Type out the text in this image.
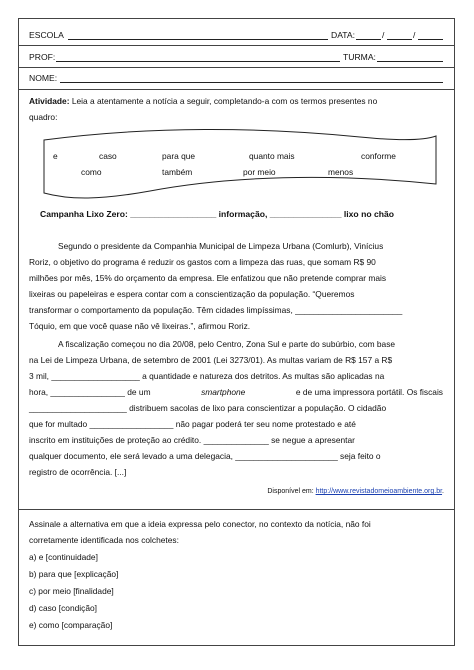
ESCOLA	DATA:	/	/
PROF:	TURMA:
NOME:
Atividade: Leia a atentamente a notícia a seguir, completando-a com os termos presentes no
quadro:
e	caso	para que	quanto mais	conforme
como	também	por meio	menos
Campanha Lixo Zero: __________________ informação, _______________ lixo no chão
Segundo o presidente da Companhia Municipal de Limpeza Urbana (Comlurb), Vinícius
Roriz, o objetivo do programa é reduzir os gastos com a limpeza das ruas, que somam R$ 90
milhões por mês, 15% do orçamento da empresa. Ele enfatizou que não pretende comprar mais
lixeiras ou papeleiras e espera contar com a conscientização da população. “Queremos
transformar o comportamento da população. Têm cidades limpíssimas, _______________________
Tóquio, em que você quase não vê lixeiras.”, afirmou Roriz.
A fiscalização começou no dia 20/08, pelo Centro, Zona Sul e parte do subúrbio, com base
na Lei de Limpeza Urbana, de setembro de 2001 (Lei 3273/01). As multas variam de R$ 157 a R$
3 mil, ___________________ a quantidade e natureza dos detritos. As multas são aplicadas na
hora, ________________ de um	smartphone	e de uma impressora portátil. Os fiscais
_____________________ distribuem sacolas de lixo para conscientizar a população. O cidadão
que for multado __________________ não pagar poderá ter seu nome protestado e até
inscrito em instituições de proteção ao crédito. ______________ se negue a apresentar
qualquer documento, ele será levado a uma delegacia, ______________________ seja feito o
registro de ocorrência. [...]
Disponível em: http://www.revistadomeioambiente.org.br.
Assinale a alternativa em que a ideia expressa pelo conector, no contexto da notícia, não foi
corretamente identificada nos colchetes:
a) e [continuidade]
b) para que [explicação]
c) por meio [finalidade]
d) caso [condição]
e) como [comparação]
